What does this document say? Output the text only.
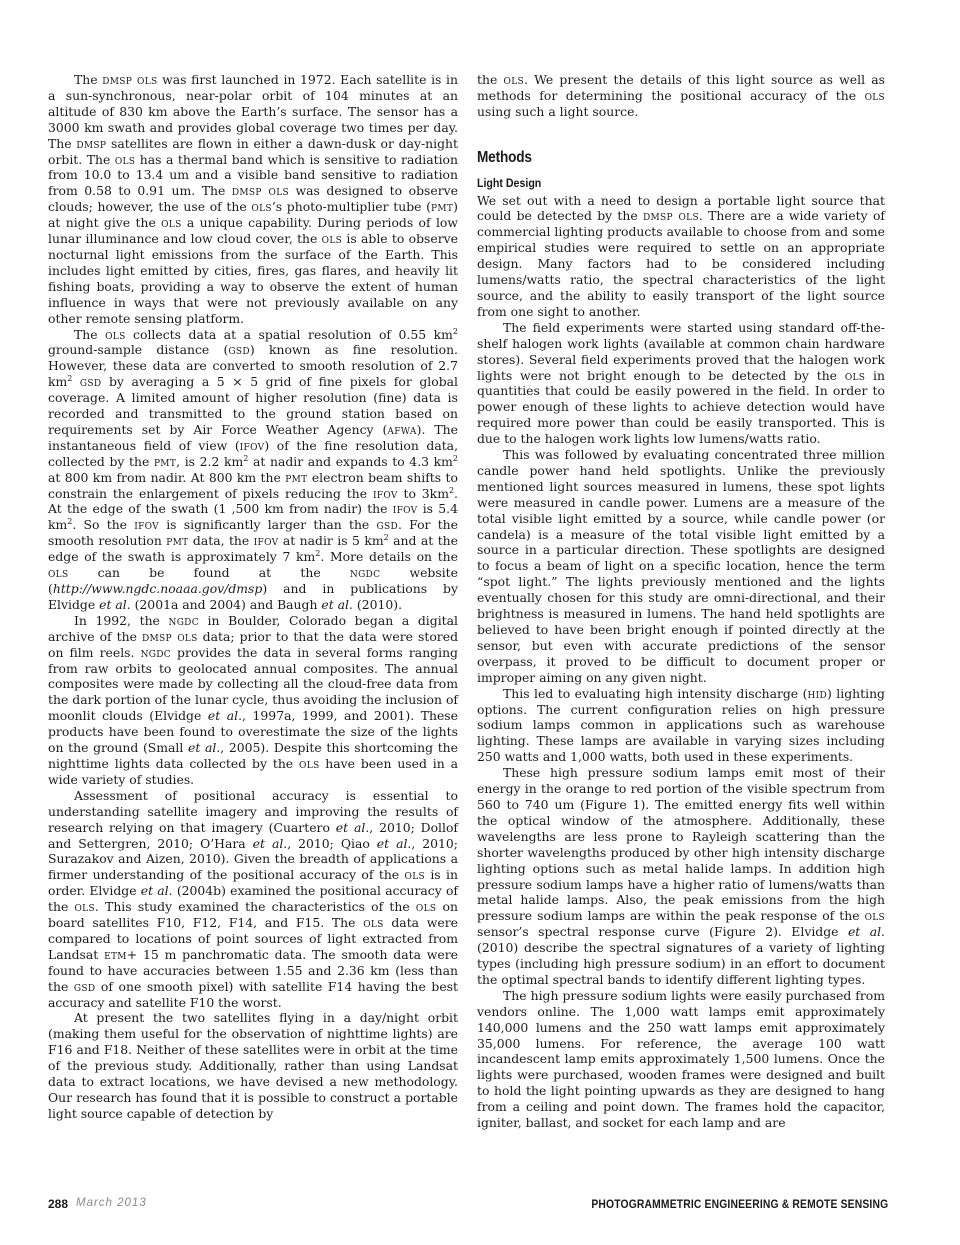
The dmsp ols was first launched in 1972. Each satellite is in a sun-synchronous, near-polar orbit of 104 minutes at an altitude of 830 km above the Earth’s surface. The sensor has a 3000 km swath and provides global coverage two times per day. The dmsp satellites are flown in either a dawn-dusk or day-night orbit. The ols has a thermal band which is sensitive to radiation from 10.0 to 13.4 um and a visible band sensitive to radiation from 0.58 to 0.91 um. The dmsp ols was designed to observe clouds; however, the use of the ols’s photo-multiplier tube (pmt) at night give the ols a unique capability. During periods of low lunar illuminance and low cloud cover, the ols is able to observe nocturnal light emissions from the surface of the Earth. This includes light emitted by cities, fires, gas flares, and heavily lit fishing boats, providing a way to observe the extent of human influence in ways that were not previously available on any other remote sensing platform.

The ols collects data at a spatial resolution of 0.55 $km^2$ ground-sample distance (gsd) known as fine resolution. However, these data are converted to smooth resolution of 2.7 $km^2$ gsd by averaging a 5 × 5 grid of fine pixels for global coverage. A limited amount of higher resolution (fine) data is recorded and transmitted to the ground station based on requirements set by Air Force Weather Agency (afwa). The instantaneous field of view (ifov) of the fine resolution data, collected by the pmt, is 2.2 $km^2$ at nadir and expands to 4.3 $km^2$ at 800 km from nadir. At 800 km the pmt electron beam shifts to constrain the enlargement of pixels reducing the ifov to $3km^2$. At the edge of the swath (1 ,500 km from nadir) the ifov is 5.4 $km^2$. So the ifov is significantly larger than the gsd. For the smooth resolution pmt data, the ifov at nadir is 5 $km^2$ and at the edge of the swath is approximately 7 $km^2$. More details on the ols can be found at the ngdc website (http://www.ngdc.noaaa.gov/dmsp) and in publications by Elvidge et al. (2001a and 2004) and Baugh et al. (2010).

In 1992, the ngdc in Boulder, Colorado began a digital archive of the dmsp ols data; prior to that the data were stored on film reels. ngdc provides the data in several forms ranging from raw orbits to geolocated annual composites. The annual composites were made by collecting all the cloud-free data from the dark portion of the lunar cycle, thus avoiding the inclusion of moonlit clouds (Elvidge et al., 1997a, 1999, and 2001). These products have been found to overestimate the size of the lights on the ground (Small et al., 2005). Despite this shortcoming the nighttime lights data collected by the ols have been used in a wide variety of studies.

Assessment of positional accuracy is essential to understanding satellite imagery and improving the results of research relying on that imagery (Cuartero et al., 2010; Dollof and Settergren, 2010; O’Hara et al., 2010; Qiao et al., 2010; Surazakov and Aizen, 2010). Given the breadth of applications a firmer understanding of the positional accuracy of the ols is in order. Elvidge et al. (2004b) examined the positional accuracy of the ols. This study examined the characteristics of the ols on board satellites F10, F12, F14, and F15. The ols data were compared to locations of point sources of light extracted from Landsat etm+ 15 m panchromatic data. The smooth data were found to have accuracies between 1.55 and 2.36 km (less than the gsd of one smooth pixel) with satellite F14 having the best accuracy and satellite F10 the worst.

At present the two satellites flying in a day/night orbit (making them useful for the observation of nighttime lights) are F16 and F18. Neither of these satellites were in orbit at the time of the previous study. Additionally, rather than using Landsat data to extract locations, we have devised a new methodology. Our research has found that it is possible to construct a portable light source capable of detection by

the ols. We present the details of this light source as well as methods for determining the positional accuracy of the ols using such a light source.

Methods
Light Design

We set out with a need to design a portable light source that could be detected by the dmsp ols. There are a wide variety of commercial lighting products available to choose from and some empirical studies were required to settle on an appropriate design. Many factors had to be considered including lumens/watts ratio, the spectral characteristics of the light source, and the ability to easily transport of the light source from one sight to another.

The field experiments were started using standard off-the-shelf halogen work lights (available at common chain hardware stores). Several field experiments proved that the halogen work lights were not bright enough to be detected by the ols in quantities that could be easily powered in the field. In order to power enough of these lights to achieve detection would have required more power than could be easily transported. This is due to the halogen work lights low lumens/watts ratio.

This was followed by evaluating concentrated three million candle power hand held spotlights. Unlike the previously mentioned light sources measured in lumens, these spot lights were measured in candle power. Lumens are a measure of the total visible light emitted by a source, while candle power (or candela) is a measure of the total visible light emitted by a source in a particular direction. These spotlights are designed to focus a beam of light on a specific location, hence the term “spot light.” The lights previously mentioned and the lights eventually chosen for this study are omni-directional, and their brightness is measured in lumens. The hand held spotlights are believed to have been bright enough if pointed directly at the sensor, but even with accurate predictions of the sensor overpass, it proved to be difficult to document proper or improper aiming on any given night.

This led to evaluating high intensity discharge (hid) lighting options. The current configuration relies on high pressure sodium lamps common in applications such as warehouse lighting. These lamps are available in varying sizes including 250 watts and 1,000 watts, both used in these experiments.

These high pressure sodium lamps emit most of their energy in the orange to red portion of the visible spectrum from 560 to 740 um (Figure 1). The emitted energy fits well within the optical window of the atmosphere. Additionally, these wavelengths are less prone to Rayleigh scattering than the shorter wavelengths produced by other high intensity discharge lighting options such as metal halide lamps. In addition high pressure sodium lamps have a higher ratio of lumens/watts than metal halide lamps. Also, the peak emissions from the high pressure sodium lamps are within the peak response of the ols sensor’s spectral response curve (Figure 2). Elvidge et al. (2010) describe the spectral signatures of a variety of lighting types (including high pressure sodium) in an effort to document the optimal spectral bands to identify different lighting types.

The high pressure sodium lights were easily purchased from vendors online. The 1,000 watt lamps emit approximately 140,000 lumens and the 250 watt lamps emit approximately 35,000 lumens. For reference, the average 100 watt incandescent lamp emits approximately 1,500 lumens. Once the lights were purchased, wooden frames were designed and built to hold the light pointing upwards as they are designed to hang from a ceiling and point down. The frames hold the capacitor, igniter, ballast, and socket for each lamp and are

288 March 2013	PHOTOGRAMMETRIC ENGINEERING & REMOTE SENSING
